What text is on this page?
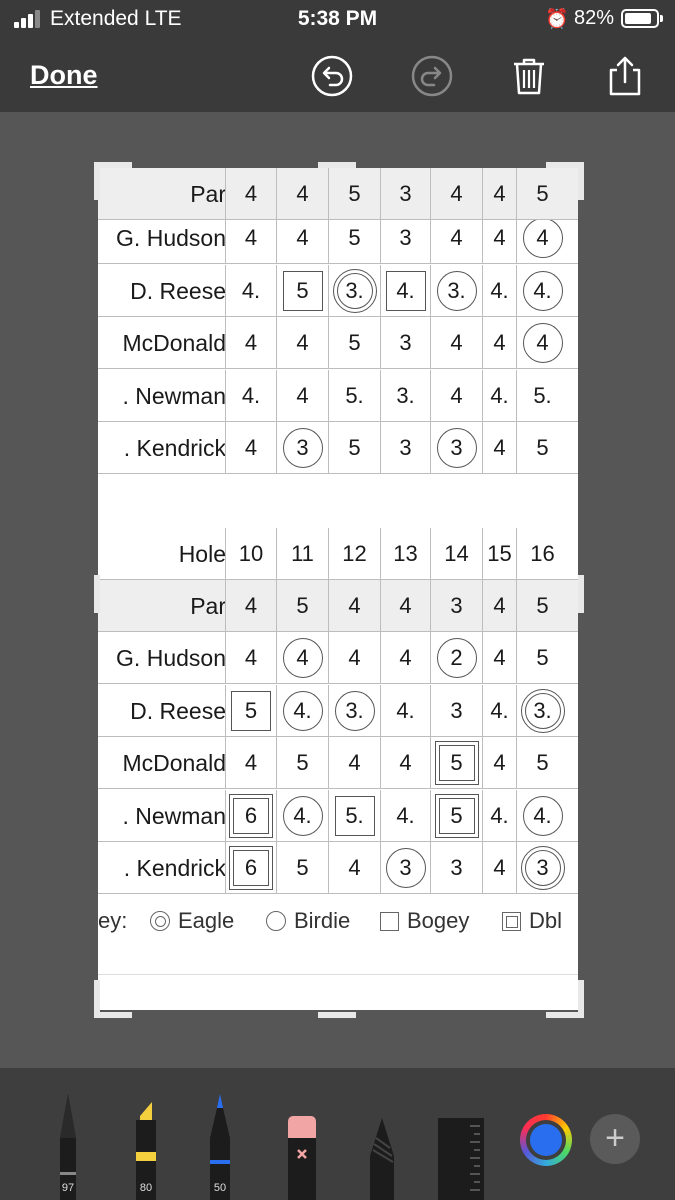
Extended LTE	5:38 PM	⏰ 82%
Done
. Kendrick 6	5	4	3	3	4	3
. Newman 6	4.	5.	4.	5	4.	4.
McDonald 4	5	4	4	5	4	5
D. Reese 5	4.	3.	4.	3	4.	3.
G. Hudson 4	4	4	4	2	4	5
Par 4	5	4	4	3	4	5
Hole 10	11	12	13	14 15 16
. Kendrick 4	3	5	3	3	4	5
. Newman 4.	4	5.	3.	4	4.	5.
McDonald 4	4	5	3	4	4	4
D. Reese 4.	5	3.	4.	3.	4.	4.
G. Hudson 4	4	5	3	4	4	4
Par 4	4	5	3	4	4	5
ey:	Eagle	Birdie	Bogey	Dbl
+
97	80	50
